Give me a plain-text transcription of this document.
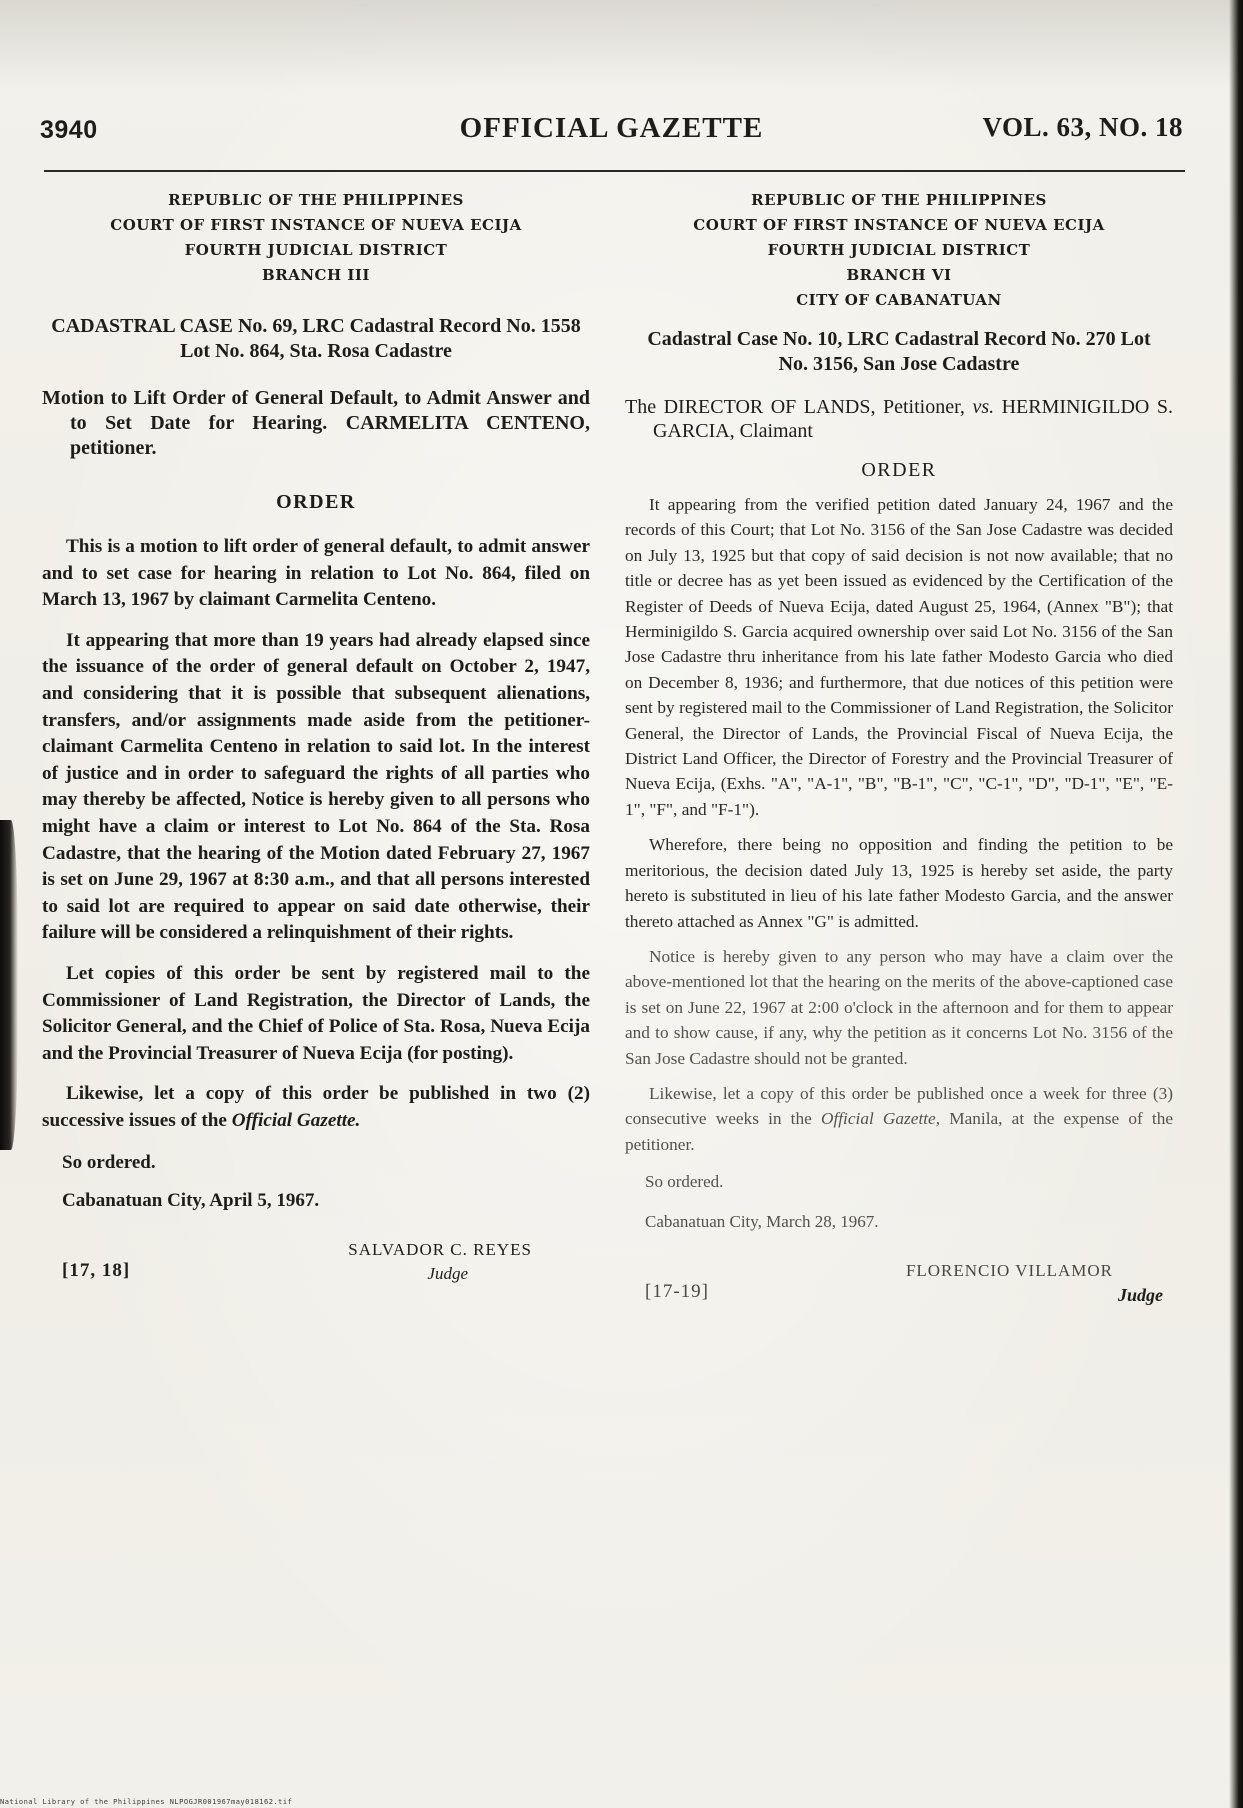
3940	OFFICIAL GAZETTE	VOL. 63, NO. 18
REPUBLIC OF THE PHILIPPINES
COURT OF FIRST INSTANCE OF NUEVA ECIJA
FOURTH JUDICIAL DISTRICT
BRANCH III
CADASTRAL CASE No. 69, LRC Cadastral Record No. 1558 Lot No. 864, Sta. Rosa Cadastre
Motion to Lift Order of General Default, to Admit Answer and to Set Date for Hearing. CARMELITA CENTENO, petitioner.
ORDER

This is a motion to lift order of general default, to admit answer and to set case for hearing in relation to Lot No. 864, filed on March 13, 1967 by claimant Carmelita Centeno.

It appearing that more than 19 years had already elapsed since the issuance of the order of general default on October 2, 1947, and considering that it is possible that subsequent alienations, transfers, and/or assignments made aside from the petitioner-claimant Carmelita Centeno in relation to said lot. In the interest of justice and in order to safeguard the rights of all parties who may thereby be affected, Notice is hereby given to all persons who might have a claim or interest to Lot No. 864 of the Sta. Rosa Cadastre, that the hearing of the Motion dated February 27, 1967 is set on June 29, 1967 at 8:30 a.m., and that all persons interested to said lot are required to appear on said date otherwise, their failure will be considered a relinquishment of their rights.

Let copies of this order be sent by registered mail to the Commissioner of Land Registration, the Director of Lands, the Solicitor General, and the Chief of Police of Sta. Rosa, Nueva Ecija and the Provincial Treasurer of Nueva Ecija (for posting).

Likewise, let a copy of this order be published in two (2) successive issues of the Official Gazette.

So ordered.
Cabanatuan City, April 5, 1967.
SALVADOR C. REYES
Judge
[17, 18]
REPUBLIC OF THE PHILIPPINES
COURT OF FIRST INSTANCE OF NUEVA ECIJA
FOURTH JUDICIAL DISTRICT
BRANCH VI
CITY OF CABANATUAN
Cadastral Case No. 10, LRC Cadastral Record No. 270 Lot No. 3156, San Jose Cadastre
The DIRECTOR OF LANDS, Petitioner, vs. HERMINIGILDO S. GARCIA, Claimant
ORDER

It appearing from the verified petition dated January 24, 1967 and the records of this Court; that Lot No. 3156 of the San Jose Cadastre was decided on July 13, 1925 but that copy of said decision is not now available; that no title or decree has as yet been issued as evidenced by the Certification of the Register of Deeds of Nueva Ecija, dated August 25, 1964, (Annex "B"); that Herminigildo S. Garcia acquired ownership over said Lot No. 3156 of the San Jose Cadastre thru inheritance from his late father Modesto Garcia who died on December 8, 1936; and furthermore, that due notices of this petition were sent by registered mail to the Commissioner of Land Registration, the Solicitor General, the Director of Lands, the Provincial Fiscal of Nueva Ecija, the District Land Officer, the Director of Forestry and the Provincial Treasurer of Nueva Ecija, (Exhs. "A", "A-1", "B", "B-1", "C", "C-1", "D", "D-1", "E", "E-1", "F", and "F-1").

Wherefore, there being no opposition and finding the petition to be meritorious, the decision dated July 13, 1925 is hereby set aside, the party hereto is substituted in lieu of his late father Modesto Garcia, and the answer thereto attached as Annex "G" is admitted.

Notice is hereby given to any person who may have a claim over the above-mentioned lot that the hearing on the merits of the above-captioned case is set on June 22, 1967 at 2:00 o'clock in the afternoon and for them to appear and to show cause, if any, why the petition as it concerns Lot No. 3156 of the San Jose Cadastre should not be granted.

Likewise, let a copy of this order be published once a week for three (3) consecutive weeks in the Official Gazette, Manila, at the expense of the petitioner.

So ordered.
Cabanatuan City, March 28, 1967.
FLORENCIO VILLAMOR
Judge
[17-19]
National Library of the Philippines NLPOGJR001967may018162.tif
